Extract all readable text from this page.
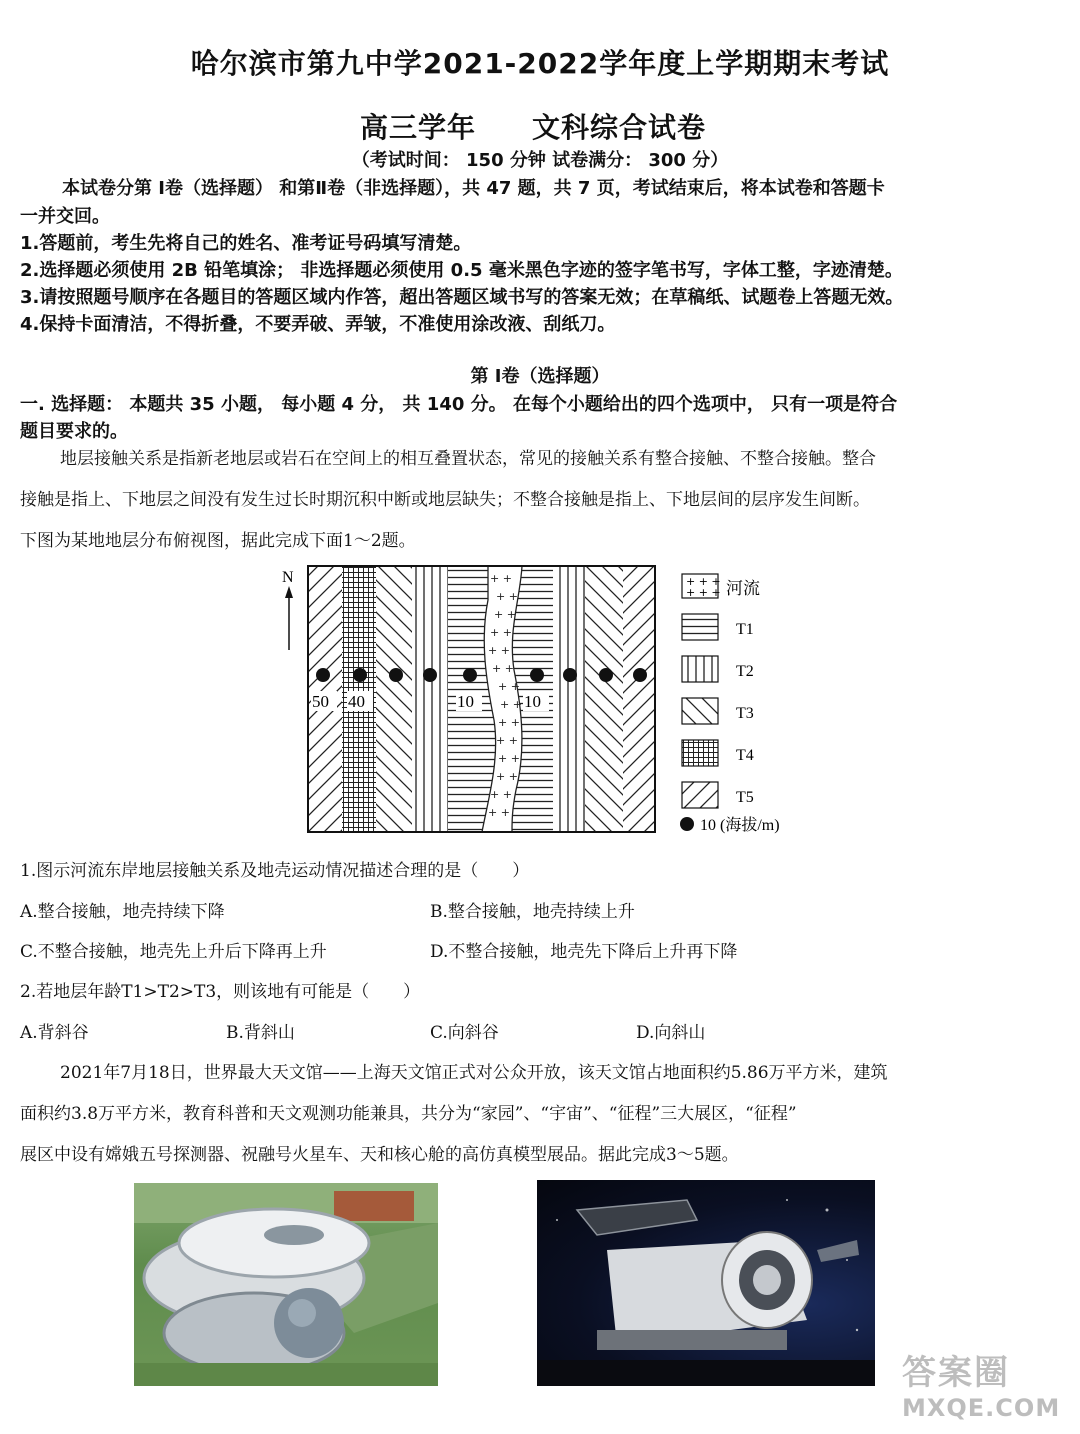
哈尔滨市第九中学2021-2022学年度上学期期末考试
高三学年 文科综合试卷
（考试时间： 150 分钟 试卷满分： 300 分）
本试卷分第 Ⅰ卷（选择题） 和第Ⅱ卷（非选择题），共 47 题，共 7 页，考试结束后，将本试卷和答题卡
一并交回。
1.答题前，考生先将自己的姓名、准考证号码填写清楚。
2.选择题必须使用 2B 铅笔填涂； 非选择题必须使用 0.5 毫米黑色字迹的签字笔书写，字体工整，字迹清楚。
3.请按照题号顺序在各题目的答题区域内作答，超出答题区域书写的答案无效；在草稿纸、试题卷上答题无效。
4.保持卡面清洁，不得折叠，不要弄破、弄皱，不准使用涂改液、刮纸刀。
第 Ⅰ卷（选择题）
一. 选择题： 本题共 35 小题， 每小题 4 分， 共 140 分。 在每个小题给出的四个选项中， 只有一项是符合
题目要求的。
地层接触关系是指新老地层或岩石在空间上的相互叠置状态，常见的接触关系有整合接触、不整合接触。整合
接触是指上、下地层之间没有发生过长时期沉积中断或地层缺失；不整合接触是指上、下地层间的层序发生间断。
下图为某地地层分布俯视图，据此完成下面1～2题。
N	+ +
+ +
+ +
+ +
+ +
+ +
+ +
+ +
+ +
+ +
+ +
+ +
+ +
+ +
50 40	10	10
+ + +
+ + + 河流
T1
T2
T3
T4
T5
10 (海拔/m)
1.图示河流东岸地层接触关系及地壳运动情况描述合理的是（　　）
A.整合接触，地壳持续下降	B.整合接触，地壳持续上升
C.不整合接触，地壳先上升后下降再上升	D.不整合接触，地壳先下降后上升再下降
2.若地层年龄T1>T2>T3，则该地有可能是（　　）
A.背斜谷	B.背斜山	C.向斜谷	D.向斜山
2021年7月18日，世界最大天文馆——上海天文馆正式对公众开放，该天文馆占地面积约5.86万平方米，建筑
面积约3.8万平方米，教育科普和天文观测功能兼具，共分为“家园”、“宇宙”、“征程”三大展区，“征程”
展区中设有嫦娥五号探测器、祝融号火星车、天和核心舱的高仿真模型展品。据此完成3～5题。
答案圈
MXQE.COM
